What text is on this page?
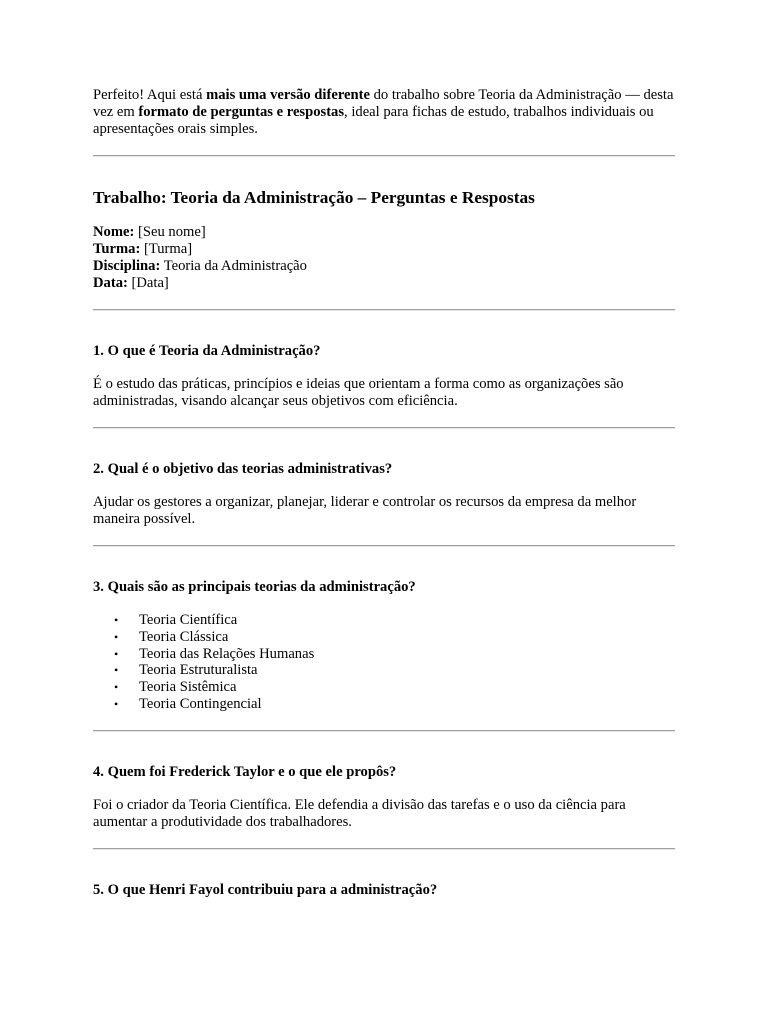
Perfeito! Aqui está mais uma versão diferente do trabalho sobre Teoria da Administração — desta vez em formato de perguntas e respostas, ideal para fichas de estudo, trabalhos individuais ou apresentações orais simples.

Trabalho: Teoria da Administração – Perguntas e Respostas
Nome: [Seu nome]
Turma: [Turma]
Disciplina: Teoria da Administração
Data: [Data]
1. O que é Teoria da Administração?

É o estudo das práticas, princípios e ideias que orientam a forma como as organizações são administradas, visando alcançar seus objetivos com eficiência.

2. Qual é o objetivo das teorias administrativas?

Ajudar os gestores a organizar, planejar, liderar e controlar os recursos da empresa da melhor maneira possível.

3. Quais são as principais teorias da administração?
• Teoria Científica
• Teoria Clássica
• Teoria das Relações Humanas
• Teoria Estruturalista
• Teoria Sistêmica
• Teoria Contingencial
4. Quem foi Frederick Taylor e o que ele propôs?

Foi o criador da Teoria Científica. Ele defendia a divisão das tarefas e o uso da ciência para aumentar a produtividade dos trabalhadores.

5. O que Henri Fayol contribuiu para a administração?
